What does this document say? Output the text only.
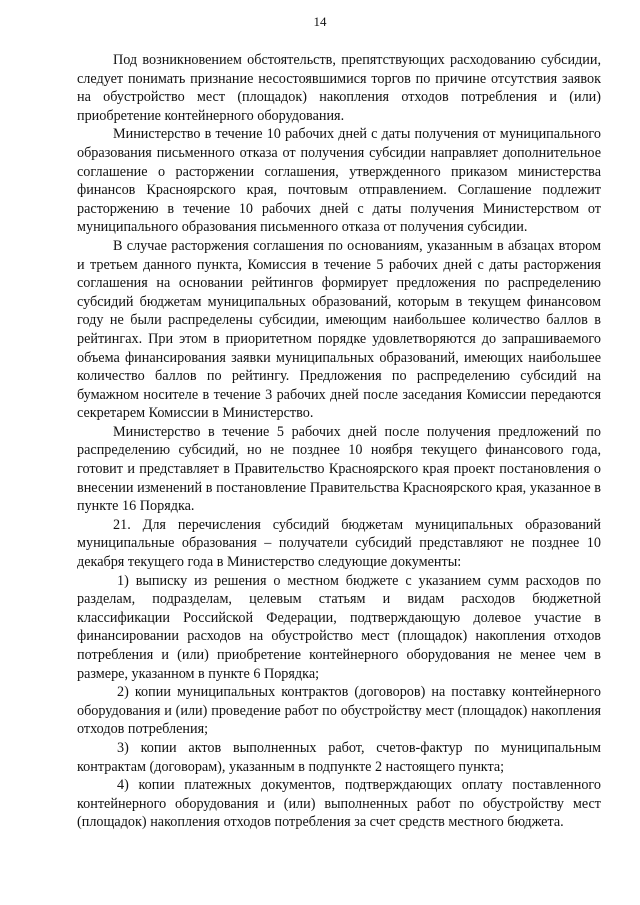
14

Под возникновением обстоятельств, препятствующих расходованию субсидии, следует понимать признание несостоявшимися торгов по причине отсутствия заявок на обустройство мест (площадок) накопления отходов потребления и (или) приобретение контейнерного оборудования.

Министерство в течение 10 рабочих дней с даты получения от муниципального образования письменного отказа от получения субсидии направляет дополнительное соглашение о расторжении соглашения, утвержденного приказом министерства финансов Красноярского края, почтовым отправлением. Соглашение подлежит расторжению в течение 10 рабочих дней с даты получения Министерством от муниципального образования письменного отказа от получения субсидии.

В случае расторжения соглашения по основаниям, указанным в абзацах втором и третьем данного пункта, Комиссия в течение 5 рабочих дней с даты расторжения соглашения на основании рейтингов формирует предложения по распределению субсидий бюджетам муниципальных образований, которым в текущем финансовом году не были распределены субсидии, имеющим наибольшее количество баллов в рейтингах. При этом в приоритетном порядке удовлетворяются до запрашиваемого объема финансирования заявки муниципальных образований, имеющих наибольшее количество баллов по рейтингу. Предложения по распределению субсидий на бумажном носителе в течение 3 рабочих дней после заседания Комиссии передаются секретарем Комиссии в Министерство.

Министерство в течение 5 рабочих дней после получения предложений по распределению субсидий, но не позднее 10 ноября текущего финансового года, готовит и представляет в Правительство Красноярского края проект постановления о внесении изменений в постановление Правительства Красноярского края, указанное в пункте 16 Порядка.

21. Для перечисления субсидий бюджетам муниципальных образований муниципальные образования – получатели субсидий представляют не позднее 10 декабря текущего года в Министерство следующие документы:

1) выписку из решения о местном бюджете с указанием сумм расходов по разделам, подразделам, целевым статьям и видам расходов бюджетной классификации Российской Федерации, подтверждающую долевое участие в финансировании расходов на обустройство мест (площадок) накопления отходов потребления и (или) приобретение контейнерного оборудования не менее чем в размере, указанном в пункте 6 Порядка;

2) копии муниципальных контрактов (договоров) на поставку контейнерного оборудования и (или) проведение работ по обустройству мест (площадок) накопления отходов потребления;

3) копии актов выполненных работ, счетов-фактур по муниципальным контрактам (договорам), указанным в подпункте 2 настоящего пункта;

4) копии платежных документов, подтверждающих оплату поставленного контейнерного оборудования и (или) выполненных работ по обустройству мест (площадок) накопления отходов потребления за счет средств местного бюджета.
